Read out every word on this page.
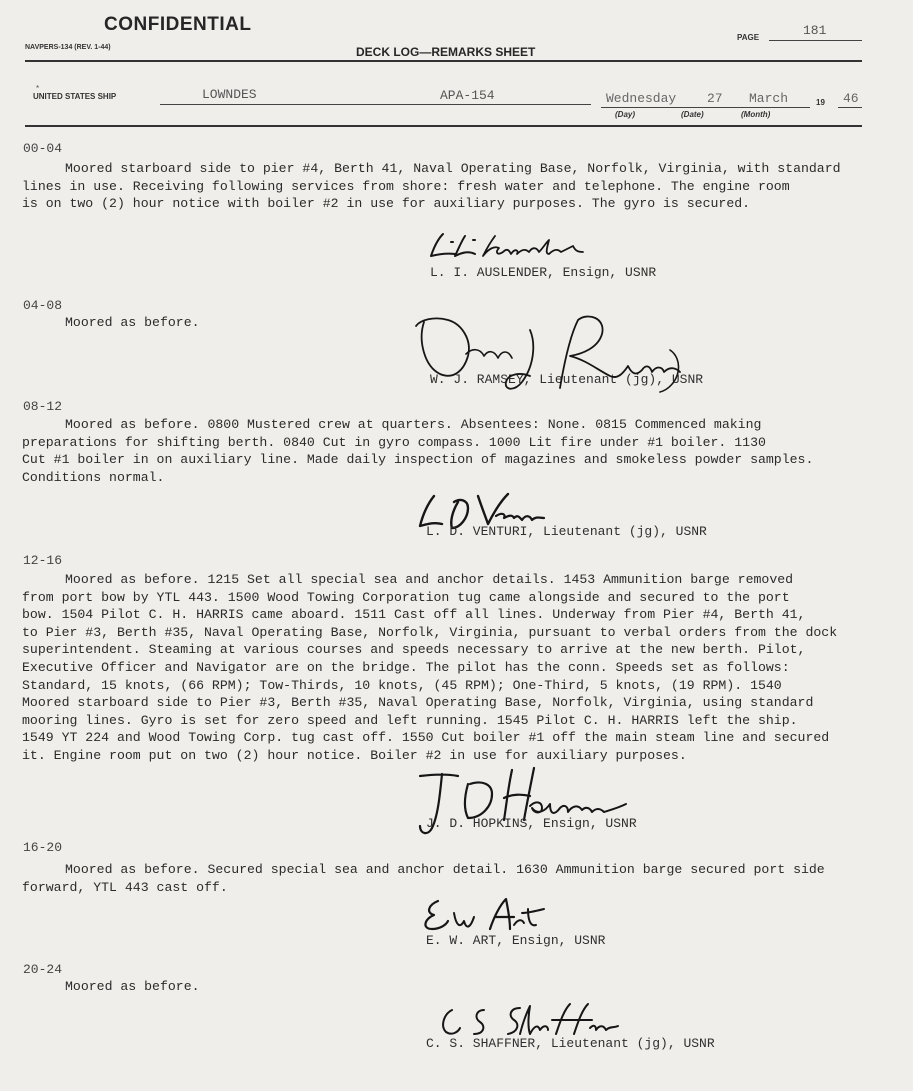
CONFIDENTIAL
NAVPERS-134 (REV. 1-44)	DECK LOG—REMARKS SHEET
PAGE	181
*
UNITED STATES SHIP	LOWNDES	APA-154	Wednesday 27 March	19 46
(Day)	(Date)	(Month)
00-04
Moored starboard side to pier #4, Berth 41, Naval Operating Base, Norfolk, Virginia, with standard
lines in use. Receiving following services from shore: fresh water and telephone. The engine room
is on two (2) hour notice with boiler #2 in use for auxiliary purposes. The gyro is secured.
L. I. AUSLENDER, Ensign, USNR
04-08
Moored as before.
W. J. RAMSEY, Lieutenant (jg), USNR
08-12
Moored as before. 0800 Mustered crew at quarters. Absentees: None. 0815 Commenced making
preparations for shifting berth. 0840 Cut in gyro compass. 1000 Lit fire under #1 boiler. 1130
Cut #1 boiler in on auxiliary line. Made daily inspection of magazines and smokeless powder samples.
Conditions normal.
L. D. VENTURI, Lieutenant (jg), USNR
12-16
Moored as before. 1215 Set all special sea and anchor details. 1453 Ammunition barge removed
from port bow by YTL 443. 1500 Wood Towing Corporation tug came alongside and secured to the port
bow. 1504 Pilot C. H. HARRIS came aboard. 1511 Cast off all lines. Underway from Pier #4, Berth 41,
to Pier #3, Berth #35, Naval Operating Base, Norfolk, Virginia, pursuant to verbal orders from the dock
superintendent. Steaming at various courses and speeds necessary to arrive at the new berth. Pilot,
Executive Officer and Navigator are on the bridge. The pilot has the conn. Speeds set as follows:
Standard, 15 knots, (66 RPM); Tow-Thirds, 10 knots, (45 RPM); One-Third, 5 knots, (19 RPM). 1540
Moored starboard side to Pier #3, Berth #35, Naval Operating Base, Norfolk, Virginia, using standard
mooring lines. Gyro is set for zero speed and left running. 1545 Pilot C. H. HARRIS left the ship.
1549 YT 224 and Wood Towing Corp. tug cast off. 1550 Cut boiler #1 off the main steam line and secured
it. Engine room put on two (2) hour notice. Boiler #2 in use for auxiliary purposes.
J. D. HOPKINS, Ensign, USNR
16-20
Moored as before. Secured special sea and anchor detail. 1630 Ammunition barge secured port side
forward, YTL 443 cast off.
E. W. ART, Ensign, USNR
20-24
Moored as before.
C. S. SHAFFNER, Lieutenant (jg), USNR
